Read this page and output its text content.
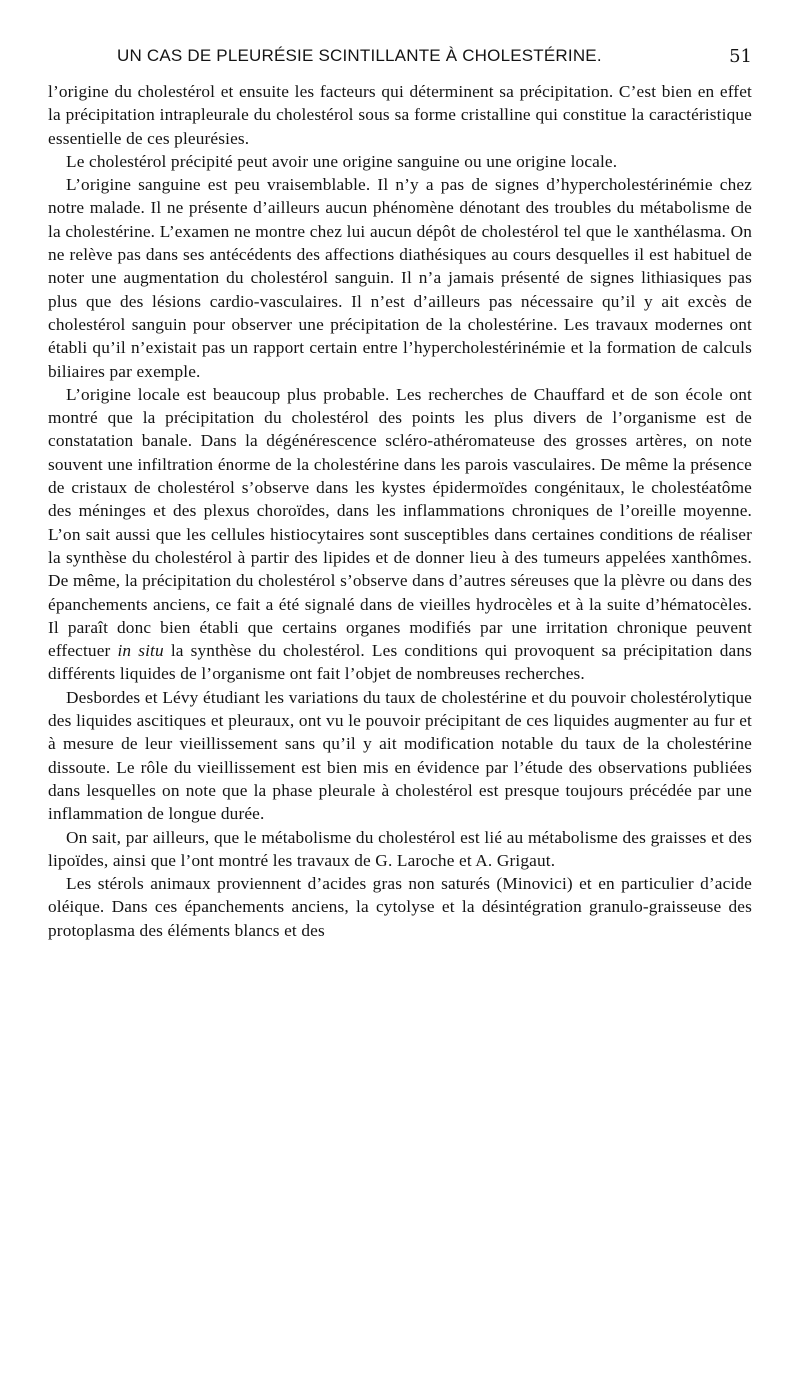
UN CAS DE PLEURÉSIE SCINTILLANTE À CHOLESTÉRINE.	51

l’origine du cholestérol et ensuite les facteurs qui déterminent sa précipitation. C’est bien en effet la précipitation intrapleurale du cholestérol sous sa forme cristalline qui constitue la caractéristique essentielle de ces pleurésies.

Le cholestérol précipité peut avoir une origine sanguine ou une origine locale.

L’origine sanguine est peu vraisemblable. Il n’y a pas de signes d’hypercholestérinémie chez notre malade. Il ne présente d’ailleurs aucun phénomène dénotant des troubles du métabolisme de la cholestérine. L’examen ne montre chez lui aucun dépôt de cholestérol tel que le xanthélasma. On ne relève pas dans ses antécédents des affections diathésiques au cours desquelles il est habituel de noter une augmentation du cholestérol sanguin. Il n’a jamais présenté de signes lithiasiques pas plus que des lésions cardio-vasculaires. Il n’est d’ailleurs pas nécessaire qu’il y ait excès de cholestérol sanguin pour observer une précipitation de la cholestérine. Les travaux modernes ont établi qu’il n’existait pas un rapport certain entre l’hypercholestérinémie et la formation de calculs biliaires par exemple.

L’origine locale est beaucoup plus probable. Les recherches de Chauffard et de son école ont montré que la précipitation du cholestérol des points les plus divers de l’organisme est de constatation banale. Dans la dégénérescence scléro-athéromateuse des grosses artères, on note souvent une infiltration énorme de la cholestérine dans les parois vasculaires. De même la présence de cristaux de cholestérol s’observe dans les kystes épidermoïdes congénitaux, le cholestéatôme des méninges et des plexus choroïdes, dans les inflammations chroniques de l’oreille moyenne. L’on sait aussi que les cellules histiocytaires sont susceptibles dans certaines conditions de réaliser la synthèse du cholestérol à partir des lipides et de donner lieu à des tumeurs appelées xanthômes. De même, la précipitation du cholestérol s’observe dans d’autres séreuses que la plèvre ou dans des épanchements anciens, ce fait a été signalé dans de vieilles hydrocèles et à la suite d’hématocèles. Il paraît donc bien établi que certains organes modifiés par une irritation chronique peuvent effectuer in situ la synthèse du cholestérol. Les conditions qui provoquent sa précipitation dans différents liquides de l’organisme ont fait l’objet de nombreuses recherches.

Desbordes et Lévy étudiant les variations du taux de cholestérine et du pouvoir cholestérolytique des liquides ascitiques et pleuraux, ont vu le pouvoir précipitant de ces liquides augmenter au fur et à mesure de leur vieillissement sans qu’il y ait modification notable du taux de la cholestérine dissoute. Le rôle du vieillissement est bien mis en évidence par l’étude des observations publiées dans lesquelles on note que la phase pleurale à cholestérol est presque toujours précédée par une inflammation de longue durée.

On sait, par ailleurs, que le métabolisme du cholestérol est lié au métabolisme des graisses et des lipoïdes, ainsi que l’ont montré les travaux de G. Laroche et A. Grigaut.

Les stérols animaux proviennent d’acides gras non saturés (Minovici) et en particulier d’acide oléique. Dans ces épanchements anciens, la cytolyse et la désintégration granulo-graisseuse des protoplasma des éléments blancs et des
